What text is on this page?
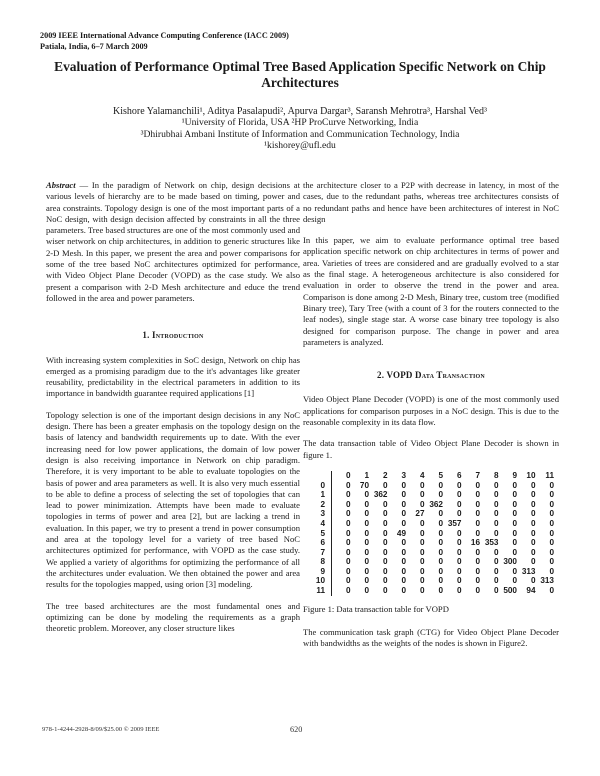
2009 IEEE International Advance Computing Conference (IACC 2009)
Patiala, India, 6–7 March 2009
Evaluation of Performance Optimal Tree Based Application Specific Network on Chip Architectures
Kishore Yalamanchili¹, Aditya Pasalapudi², Apurva Dargar³, Saransh Mehrotra³, Harshal Ved³
¹University of Florida, USA ²HP ProCurve Networking, India
³Dhirubhai Ambani Institute of Information and Communication Technology, India
¹kishorey@ufl.edu

Abstract — In the paradigm of Network on chip, design decisions at various levels of hierarchy are to be made based on timing, power and area constraints. Topology design is one of the most important parts of a NoC design, with design decision affected by constraints in all the three parameters. Tree based structures are one of the most commonly used and wiser network on chip architectures, in addition to generic structures like 2-D Mesh. In this paper, we present the area and power comparisons for some of the tree based NoC architectures optimized for performance, with Video Object Plane Decoder (VOPD) as the case study. We also present a comparison with 2-D Mesh architecture and educe the trend followed in the area and power parameters.

1. Introduction

With increasing system complexities in SoC design, Network on chip has emerged as a promising paradigm due to the it's advantages like greater reusability, predictability in the electrical parameters in addition to its importance in bandwidth guarantee required applications [1]

Topology selection is one of the important design decisions in any NoC design. There has been a greater emphasis on the topology design on the basis of latency and bandwidth requirements up to date. With the ever increasing need for low power applications, the domain of low power design is also receiving importance in Network on chip paradigm. Therefore, it is very important to be able to evaluate topologies on the basis of power and area parameters as well. It is also very much essential to be able to define a process of selecting the set of topologies that can lead to power minimization. Attempts have been made to evaluate topologies in terms of power and area [2], but are lacking a trend in evaluation. In this paper, we try to present a trend in power consumption and area at the topology level for a variety of tree based NoC architectures optimized for performance, with VOPD as the case study. We applied a variety of algorithms for optimizing the performance of all the architectures under evaluation. We then obtained the power and area results for the topologies mapped, using orion [3] modeling.

The tree based architectures are the most fundamental ones and optimizing can be done by modeling the requirements as a graph theoretic problem. Moreover, any closer structure likes

the architecture closer to a P2P with decrease in latency, in most of the cases, due to the redundant paths, whereas tree architectures consists of no redundant paths and hence have been architectures of interest in NoC design

In this paper, we aim to evaluate performance optimal tree based application specific network on chip architectures in terms of power and area. Varieties of trees are considered and are gradually evolved to a star as the final stage. A heterogeneous architecture is also considered for evaluation in order to observe the trend in the power and area. Comparison is done among 2-D Mesh, Binary tree, custom tree (modified Binary tree), Tary Tree (with a count of 3 for the routers connected to the leaf nodes), single stage star. A worse case binary tree topology is also designed for comparison purpose. The change in power and area parameters is analyzed.

2. VOPD Data Transaction

Video Object Plane Decoder (VOPD) is one of the most commonly used applications for comparison purposes in a NoC design. This is due to the reasonable complexity in its data flow.

The data transaction table of Video Object Plane Decoder is shown in figure 1.

	0	1	2	3	4	5	6	7	8	9	10	11
0	0	70	0	0	0	0	0	0	0	0	0	0
1	0	0	362	0	0	0	0	0	0	0	0	0
2	0	0	0	0	0	362	0	0	0	0	0	0
3	0	0	0	0	27	0	0	0	0	0	0	0
4	0	0	0	0	0	0	357	0	0	0	0	0
5	0	0	0	49	0	0	0	0	0	0	0	0
6	0	0	0	0	0	0	0	16	353	0	0	0
7	0	0	0	0	0	0	0	0	0	0	0	0
8	0	0	0	0	0	0	0	0	0	300	0	0
9	0	0	0	0	0	0	0	0	0	0	313	0
10	0	0	0	0	0	0	0	0	0	0	0	313
11	0	0	0	0	0	0	0	0	0	500	94	0
Figure 1: Data transaction table for VOPD

The communication task graph (CTG) for Video Object Plane Decoder with bandwidths as the weights of the nodes is shown in Figure2.

978-1-4244-2928-8/09/$25.00 © 2009 IEEE	620
